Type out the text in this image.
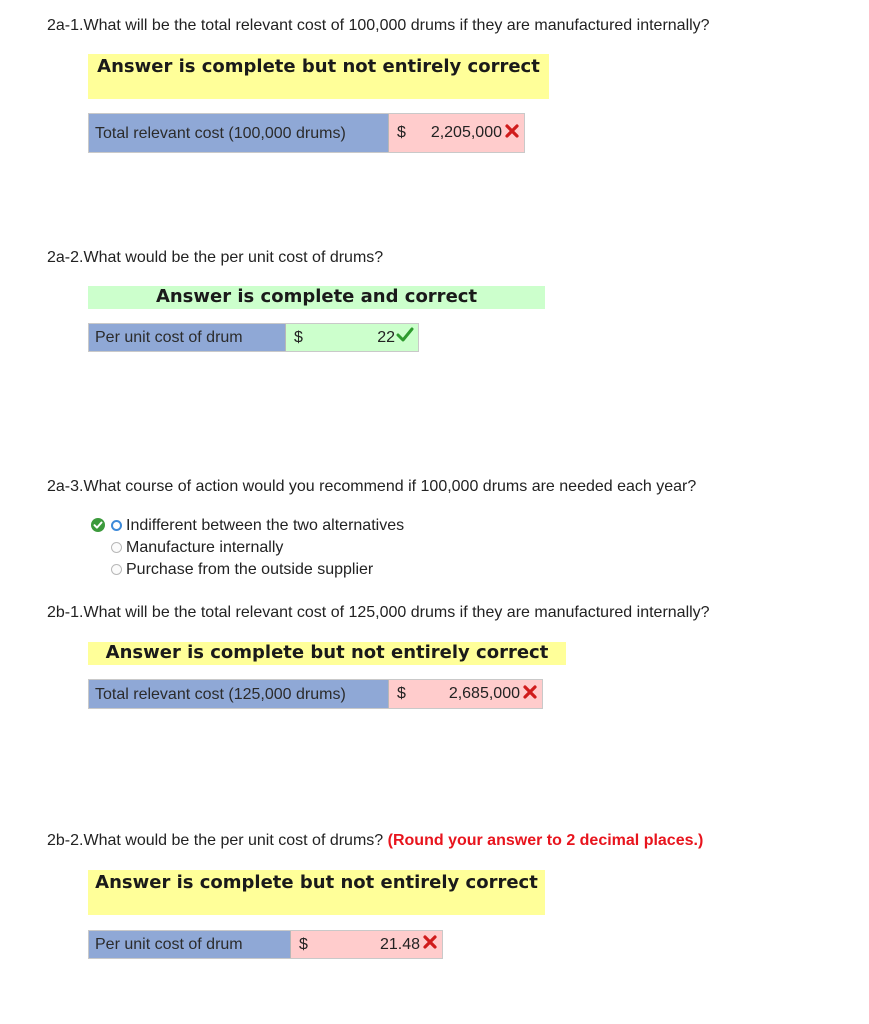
2a-1.What will be the total relevant cost of 100,000 drums if they are manufactured internally?
Answer is complete but not entirely correct
Total relevant cost (100,000 drums)	$ 2,205,000
2a-2.What would be the per unit cost of drums?
Answer is complete and correct
Per unit cost of drum	$	22
2a-3.What course of action would you recommend if 100,000 drums are needed each year?
Indifferent between the two alternatives
Manufacture internally
Purchase from the outside supplier
2b-1.What will be the total relevant cost of 125,000 drums if they are manufactured internally?
Answer is complete but not entirely correct
Total relevant cost (125,000 drums)	$	2,685,000
2b-2.What would be the per unit cost of drums? (Round your answer to 2 decimal places.)
Answer is complete but not entirely correct
Per unit cost of drum	$	21.48
